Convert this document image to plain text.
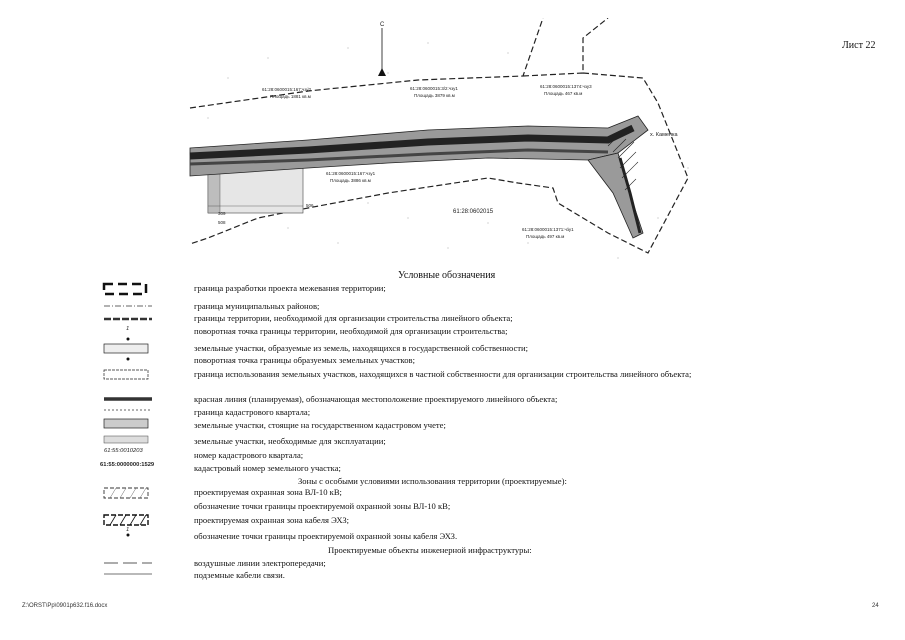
Лист 22
С
х. Каменка
61:28:0602015
61:28:0600015:167:чзу2
Площадь 1881 кв.м
61:28:0600015:167:чзу1
Площадь 3886 кв.м
61:28:0600015:1371:чзу1
Площадь 497 кв.м
61:28:0600015:1374:чзу3
Площадь 467 кв.м
61:28:0600015:3/2:чзу1
Площадь 3879 кв.м
309
506
508
Условные обозначения
1
61:55:0010203
61:55:0000000:1529
1
граница разработки проекта межевания территории;
граница муниципальных районов;
границы территории, необходимой для организации строительства линейного объекта;
поворотная точка границы территории, необходимой для организации строительства;
земельные участки, образуемые из земель, находящихся в государственной собственности;
поворотная точка границы образуемых земельных участков;
граница использования земельных участков, находящихся в частной собственности для организации строительства линейного объекта;
красная линия (планируемая), обозначающая местоположение проектируемого линейного объекта;
граница кадастрового квартала;
земельные участки, стоящие на государственном кадастровом учете;
земельные участки, необходимые для эксплуатации;
номер кадастрового квартала;
кадастровый номер земельного участка;
Зоны с особыми условиями использования территории (проектируемые):
проектируемая охранная зона ВЛ-10 кВ;
обозначение точки границы проектируемой охранной зоны ВЛ-10 кВ;
проектируемая охранная зона кабеля ЭХЗ;
обозначение точки границы проектируемой охранной зоны кабеля ЭХЗ.
Проектируемые объекты инженерной инфраструктуры:
воздушные линии электропередачи;
подземные кабели связи.
Z:\ORST\Pp\0901p632.f16.docx	24
